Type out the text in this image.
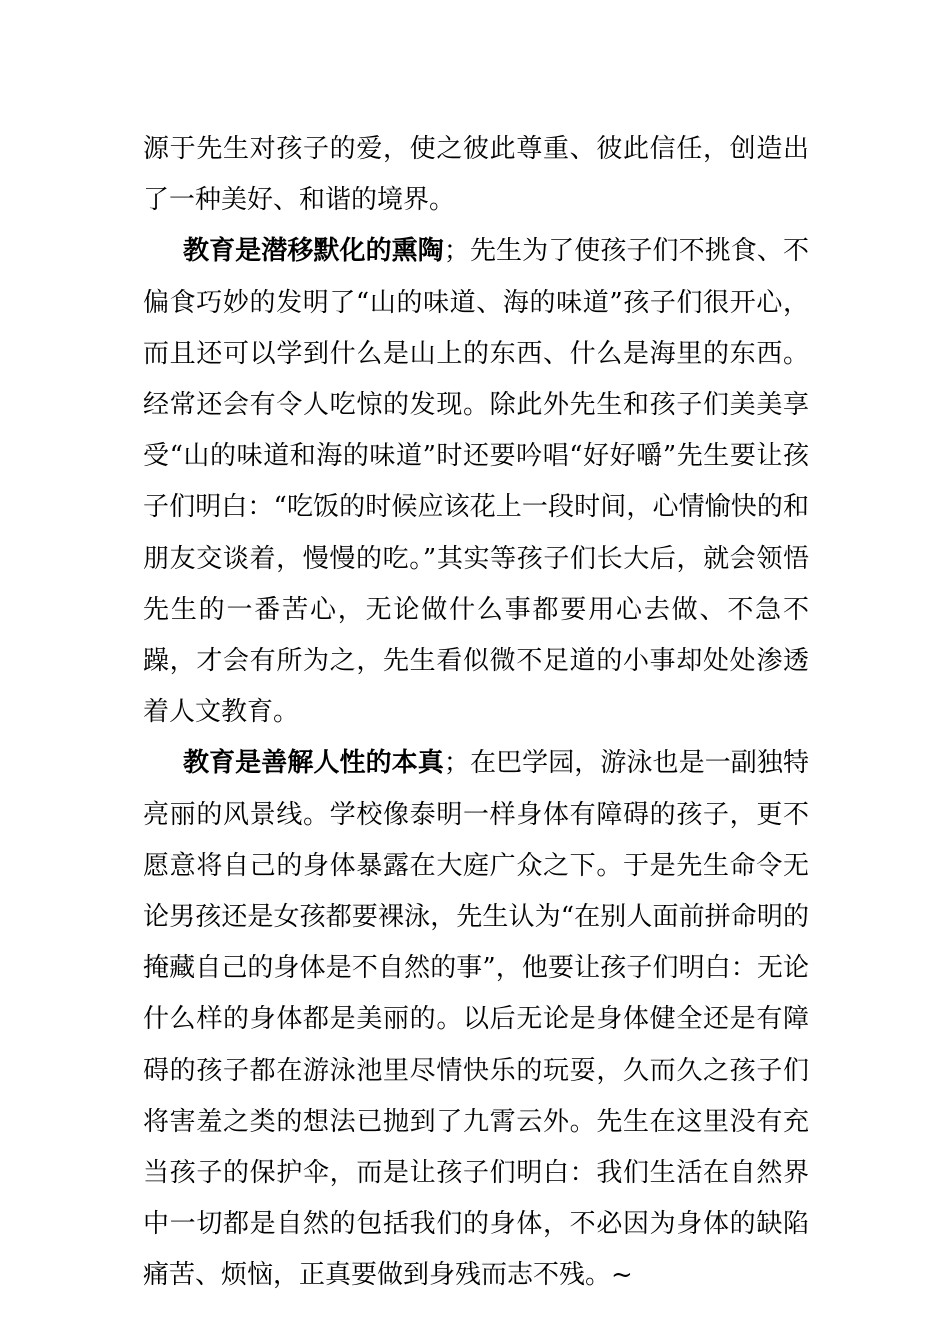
源于先生对孩子的爱，使之彼此尊重、彼此信任，创造出了一种美好、和谐的境界。

教育是潜移默化的熏陶；先生为了使孩子们不挑食、不偏食巧妙的发明了“山的味道、海的味道”孩子们很开心，而且还可以学到什么是山上的东西、什么是海里的东西。经常还会有令人吃惊的发现。除此外先生和孩子们美美享受“山的味道和海的味道”时还要吟唱“好好嚼”先生要让孩子们明白：“吃饭的时候应该花上一段时间，心情愉快的和朋友交谈着，慢慢的吃。”其实等孩子们长大后，就会领悟先生的一番苦心，无论做什么事都要用心去做、不急不躁，才会有所为之，先生看似微不足道的小事却处处渗透着人文教育。

教育是善解人性的本真；在巴学园，游泳也是一副独特亮丽的风景线。学校像泰明一样身体有障碍的孩子，更不愿意将自己的身体暴露在大庭广众之下。于是先生命令无论男孩还是女孩都要裸泳，先生认为“在别人面前拼命明的掩藏自己的身体是不自然的事”，他要让孩子们明白：无论什么样的身体都是美丽的。以后无论是身体健全还是有障碍的孩子都在游泳池里尽情快乐的玩耍，久而久之孩子们将害羞之类的想法已抛到了九霄云外。先生在这里没有充当孩子的保护伞，而是让孩子们明白：我们生活在自然界中一切都是自然的包括我们的身体，不必因为身体的缺陷痛苦、烦恼，正真要做到身残而志不残。~
